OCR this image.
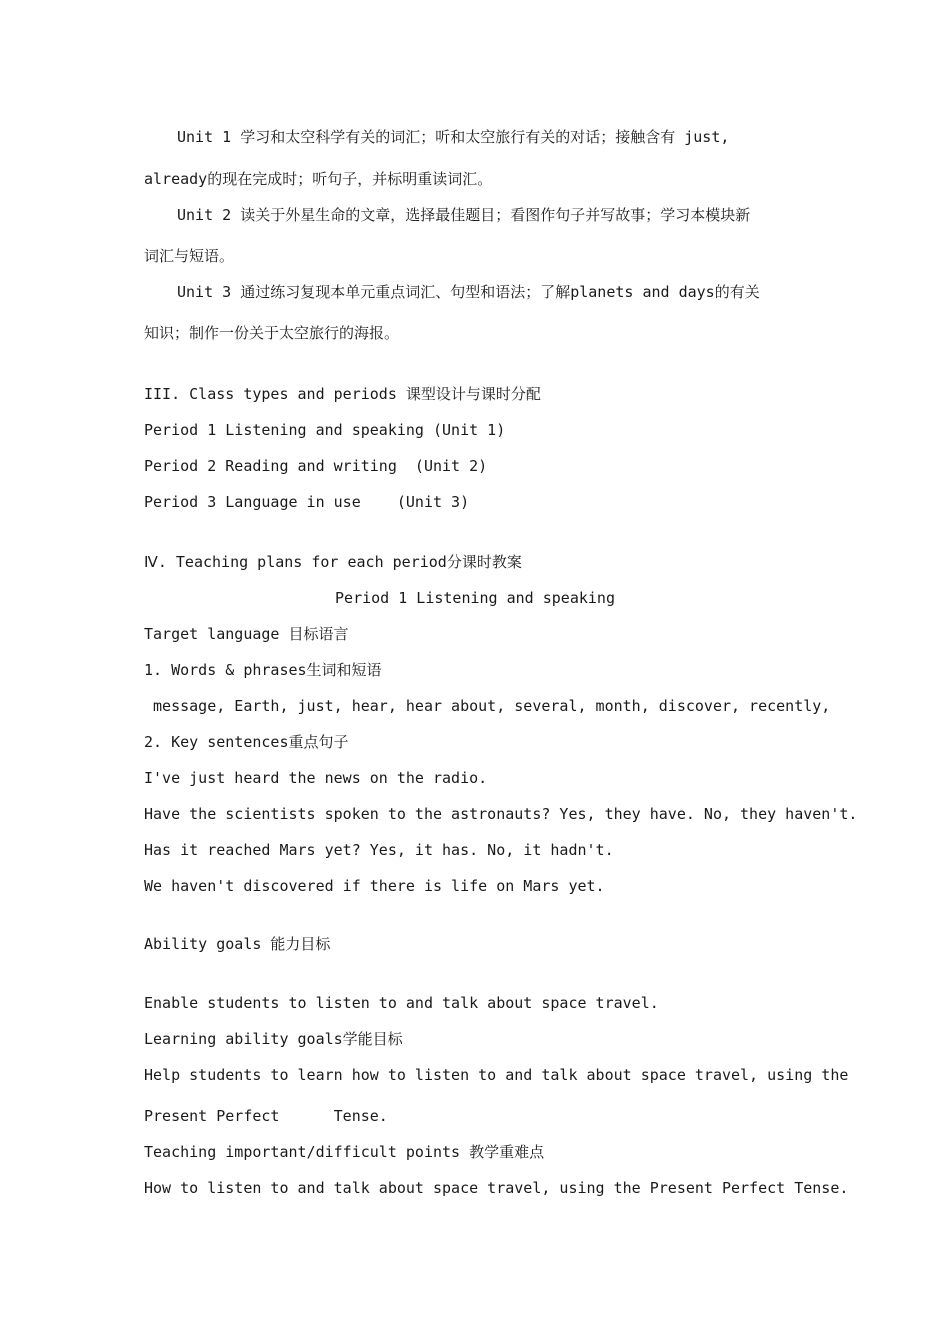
Unit 1 学习和太空科学有关的词汇；听和太空旅行有关的对话；接触含有 just,
already的现在完成时；听句子，并标明重读词汇。
Unit 2 读关于外星生命的文章，选择最佳题目；看图作句子并写故事；学习本模块新
词汇与短语。
Unit 3 通过练习复现本单元重点词汇、句型和语法；了解planets and days的有关
知识；制作一份关于太空旅行的海报。
III. Class types and periods 课型设计与课时分配
Period 1 Listening and speaking (Unit 1)
Period 2 Reading and writing  (Unit 2)
Period 3 Language in use    (Unit 3)
Ⅳ. Teaching plans for each period分课时教案
Period 1 Listening and speaking
Target language 目标语言
1. Words & phrases生词和短语
message, Earth, just, hear, hear about, several, month, discover, recently,
2. Key sentences重点句子
I've just heard the news on the radio.
Have the scientists spoken to the astronauts? Yes, they have. No, they haven't.
Has it reached Mars yet? Yes, it has. No, it hadn't.
We haven't discovered if there is life on Mars yet.
Ability goals 能力目标
Enable students to listen to and talk about space travel.
Learning ability goals学能目标
Help students to learn how to listen to and talk about space travel, using the
Present Perfect      Tense.
Teaching important/difficult points 教学重难点
How to listen to and talk about space travel, using the Present Perfect Tense.
